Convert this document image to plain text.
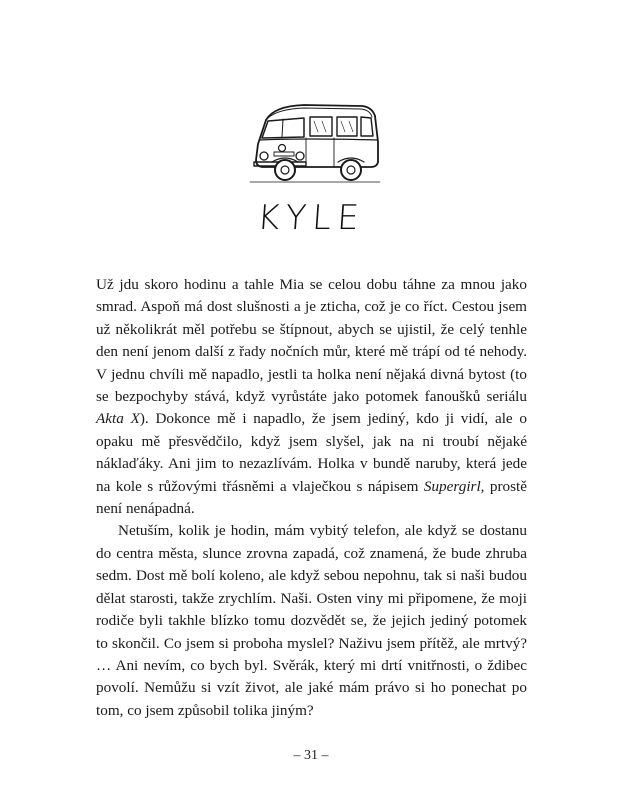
KYLE

Už jdu skoro hodinu a tahle Mia se celou dobu táhne za mnou jako smrad. Aspoň má dost slušnosti a je zticha, což je co říct. Cestou jsem už několikrát měl potřebu se štípnout, abych se ujistil, že celý tenhle den není jenom další z řady nočních můr, které mě trápí od té nehody. V jednu chvíli mě napadlo, jestli ta holka není nějaká divná bytost (to se bezpochyby stává, když vyrůstáte jako potomek fanoušků seriálu Akta X). Dokonce mě i napadlo, že jsem jediný, kdo ji vidí, ale o opaku mě přesvědčilo, když jsem slyšel, jak na ni troubí nějaké náklaďáky. Ani jim to nezazlívám. Holka v bundě naruby, která jede na kole s růžovými třásněmi a vlaječkou s nápisem Supergirl, prostě není nenápadná.

Netuším, kolik je hodin, mám vybitý telefon, ale když se dostanu do centra města, slunce zrovna zapadá, což znamená, že bude zhruba sedm. Dost mě bolí koleno, ale když sebou nepohnu, tak si naši budou dělat starosti, takže zrychlím. Naši. Osten viny mi připomene, že moji rodiče byli takhle blízko tomu dozvědět se, že jejich jediný potomek to skončil. Co jsem si proboha myslel? Naživu jsem přítěž, ale mrtvý? … Ani nevím, co bych byl. Svěrák, který mi drtí vnitřnosti, o ždibec povolí. Nemůžu si vzít život, ale jaké mám právo si ho ponechat po tom, co jsem způsobil tolika jiným?

– 31 –
